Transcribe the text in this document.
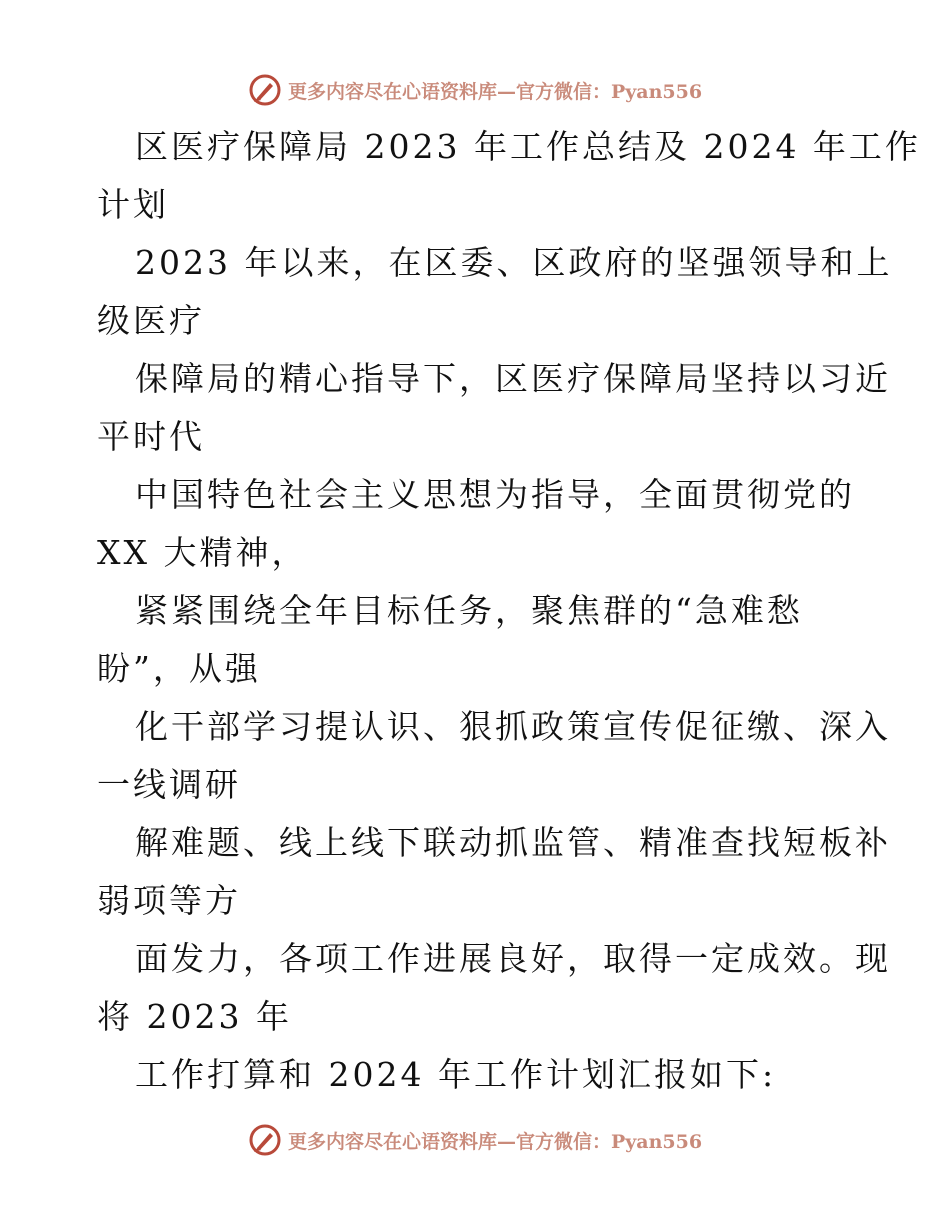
更多内容尽在心语资料库—官方微信：Pyan556
区医疗保障局 2023 年工作总结及 2024 年工作
计划
2023 年以来，在区委、区政府的坚强领导和上
级医疗
保障局的精心指导下，区医疗保障局坚持以习近
平时代
中国特色社会主义思想为指导，全面贯彻党的
XX 大精神，
紧紧围绕全年目标任务，聚焦群的“急难愁
盼”，从强
化干部学习提认识、狠抓政策宣传促征缴、深入
一线调研
解难题、线上线下联动抓监管、精准查找短板补
弱项等方
面发力，各项工作进展良好，取得一定成效。现
将 2023 年
工作打算和 2024 年工作计划汇报如下:
更多内容尽在心语资料库—官方微信：Pyan556
